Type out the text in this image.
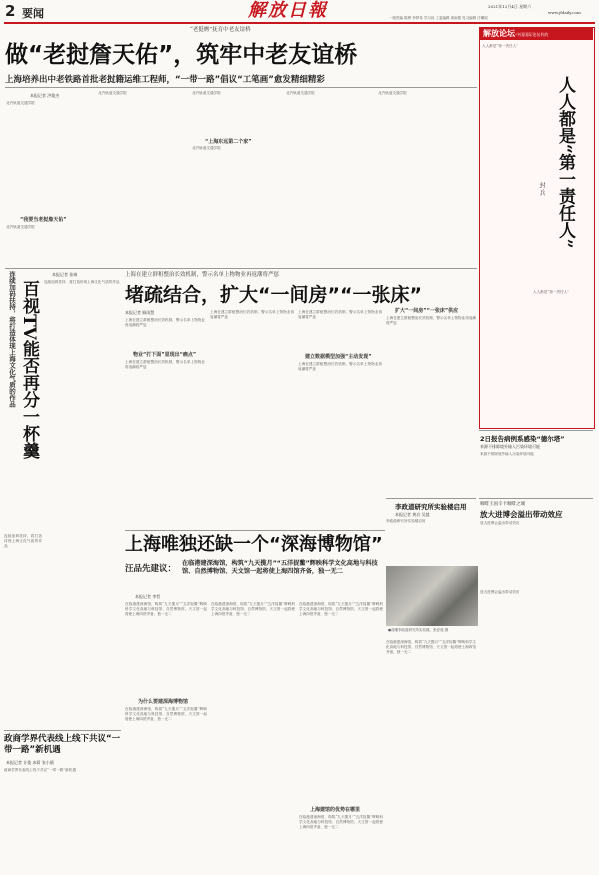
2 要闻	解放日報	2021年12月4日 星期六
www.jfdaily.com
一版责编 陈穆 李梦希 学习读 工委编辑 周雨德 见习编辑 庄曦瑶
“老挺膺”抚育中老友谊桥
做“老挝詹天佑”，筑牢中老友谊桥
上海培养出中老铁路首批老挝籍运维工程师，“一带一路”倡议“工笔画”愈发精细精彩
本报记者 洪俊杰
北汽轨道交通学院
“我要当老挝詹天佑”
北汽轨道交通学院
北汽轨道交通学院	北汽轨道交通学院
“上海东远第二个家”
北汽轨道交通学院
北汽轨道交通学院	北汽轨道交通学院
解放论坛·中国国际论坛有约
人人都是“第一责任人”
人人都是“第一责任人”
封 兵
人人都是“第一责任人”
连续加码扶持，将打造体现上海文化气质的作品 百视TV能否再分一杯羹
本报记者 张端
连续加码扶持，将打造体现上海文化气质的作品
连续加码扶持，将打造体现上海文化气质的作品
上海在建立群租整治长效机制，警示名单上物物业再返潮将严惩
堵疏结合，扩大“一间房”“一张床”
本报记者 顾雨慧
上海在建立群租整治长效机制，警示名单上物物业再返潮将严惩
物业“打下面”显现出“痛点”
上海在建立群租整治长效机制，警示名单上物物业再返潮将严惩
上海在建立群租整治长效机制，警示名单上物物业再返潮将严惩
上海在建立群租整治长效机制，警示名单上物物业再返潮将严惩
建立数据模型加强“主动发现”
上海在建立群租整治长效机制，警示名单上物物业再返潮将严惩
扩大“一间房”“一张床”供应
上海在建立群租整治长效机制，警示名单上物物业再返潮将严惩
2日报告病例系感染“德尔塔”
来源不排除境外输入污染环境可能
来源不排除境外输入污染环境可能
咖啡王国辛卡咖啡之城
放大进博会溢出带动效应
放大进博会溢出带动效应
李政道研究所实验楼启用
本报记者 黄启 吴越
李政道研究所实验楼启用
●漆雕李政道研究所实验楼。张爱迪 摄
上海唯独还缺一个“深海博物馆”
汪品先建议：
在临港建深海馆，构筑“九天揽月”“五洋捉鳖”辉映科学文化高地与科技馆、自然博物馆、天文馆一起将使上海四馆齐备，独一无二
本报记者 李哲
在临港建深海馆，构筑“九天揽月”“五洋捉鳖”辉映科学文化高地与科技馆、自然博物馆、天文馆一起将使上海四馆齐备，独一无二
为什么要建深海博物馆
在临港建深海馆，构筑“九天揽月”“五洋捉鳖”辉映科学文化高地与科技馆、自然博物馆、天文馆一起将使上海四馆齐备，独一无二
在临港建深海馆，构筑“九天揽月”“五洋捉鳖”辉映科学文化高地与科技馆、自然博物馆、天文馆一起将使上海四馆齐备，独一无二
在临港建深海馆，构筑“九天揽月”“五洋捉鳖”辉映科学文化高地与科技馆、自然博物馆、天文馆一起将使上海四馆齐备，独一无二
上海建馆的优势在哪里
在临港建深海馆，构筑“九天揽月”“五洋捉鳖”辉映科学文化高地与科技馆、自然博物馆、天文馆一起将使上海四馆齐备，独一无二
在临港建深海馆，构筑“九天揽月”“五洋捉鳖”辉映科学文化高地与科技馆、自然博物馆、天文馆一起将使上海四馆齐备，独一无二
放大进博会溢出带动效应
政商学界代表线上线下共议“一带一路”新机遇
本报记者 计俊 冰莉 张小鹃
政商学界代表线上线下共议“一带一路”新机遇
